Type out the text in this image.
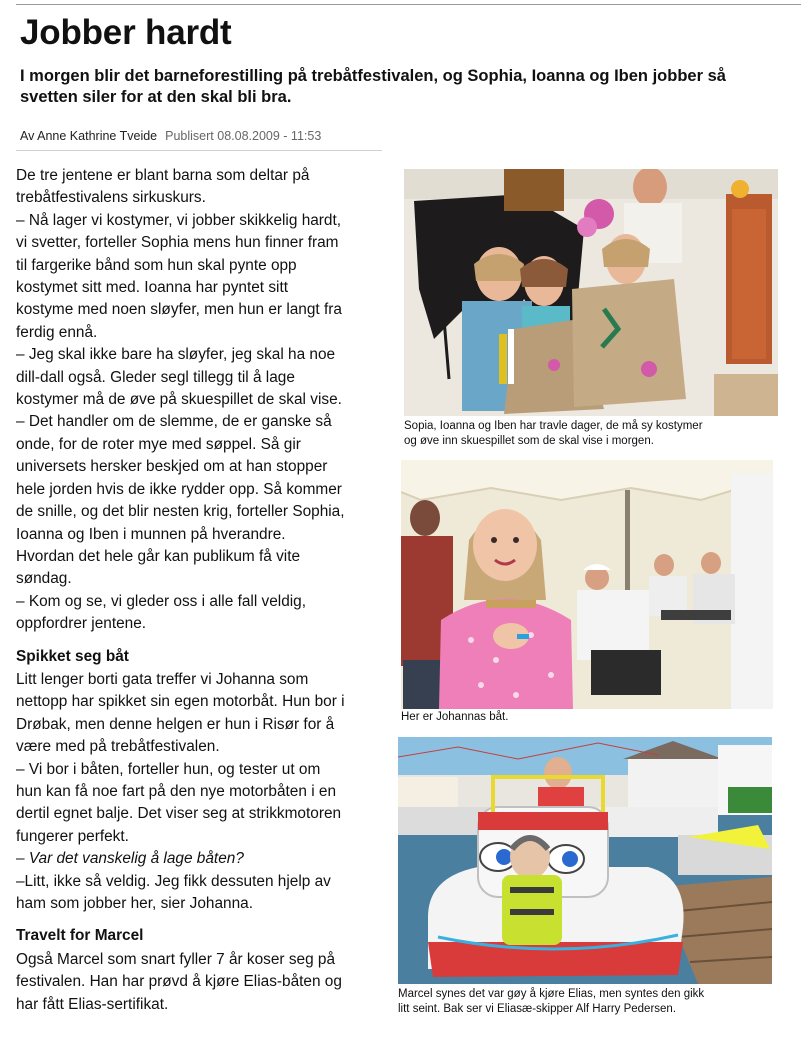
Jobber hardt

I morgen blir det barneforestilling på trebåtfestivalen, og Sophia, Ioanna og Iben jobber så svetten siler for at den skal bli bra.

Av Anne Kathrine Tveide Publisert 08.08.2009 - 11:53

De tre jentene er blant barna som deltar på
trebåtfestivalens sirkuskurs.

– Nå lager vi kostymer, vi jobber skikkelig hardt,
vi svetter, forteller Sophia mens hun finner fram
til fargerike bånd som hun skal pynte opp
kostymet sitt med. Ioanna har pyntet sitt
kostyme med noen sløyfer, men hun er langt fra
ferdig ennå.

– Jeg skal ikke bare ha sløyfer, jeg skal ha noe
dill-dall også. Gleder segl tillegg til å lage
kostymer må de øve på skuespillet de skal vise.

– Det handler om de slemme, de er ganske så
onde, for de roter mye med søppel. Så gir
universets hersker beskjed om at han stopper
hele jorden hvis de ikke rydder opp. Så kommer
de snille, og det blir nesten krig, forteller Sophia,
Ioanna og Iben i munnen på hverandre.
Hvordan det hele går kan publikum få vite
søndag.

– Kom og se, vi gleder oss i alle fall veldig,
oppfordrer jentene.

Spikket seg båt

Litt lenger borti gata treffer vi Johanna som
nettopp har spikket sin egen motorbåt. Hun bor i
Drøbak, men denne helgen er hun i Risør for å
være med på trebåtfestivalen.

– Vi bor i båten, forteller hun, og tester ut om
hun kan få noe fart på den nye motorbåten i en
dertil egnet balje. Det viser seg at strikkmotoren
fungerer perfekt.

– Var det vanskelig å lage båten?

–Litt, ikke så veldig. Jeg fikk dessuten hjelp av
ham som jobber her, sier Johanna.

Travelt for Marcel

Også Marcel som snart fyller 7 år koser seg på
festivalen. Han har prøvd å kjøre Elias-båten og
har fått Elias-sertifikat.

Sopia, Ioanna og Iben har travle dager, de må sy kostymer
og øve inn skuespillet som de skal vise i morgen.
Her er Johannas båt.
Marcel synes det var gøy å kjøre Elias, men syntes den gikk
litt seint. Bak ser vi Eliasæ-skipper Alf Harry Pedersen.
